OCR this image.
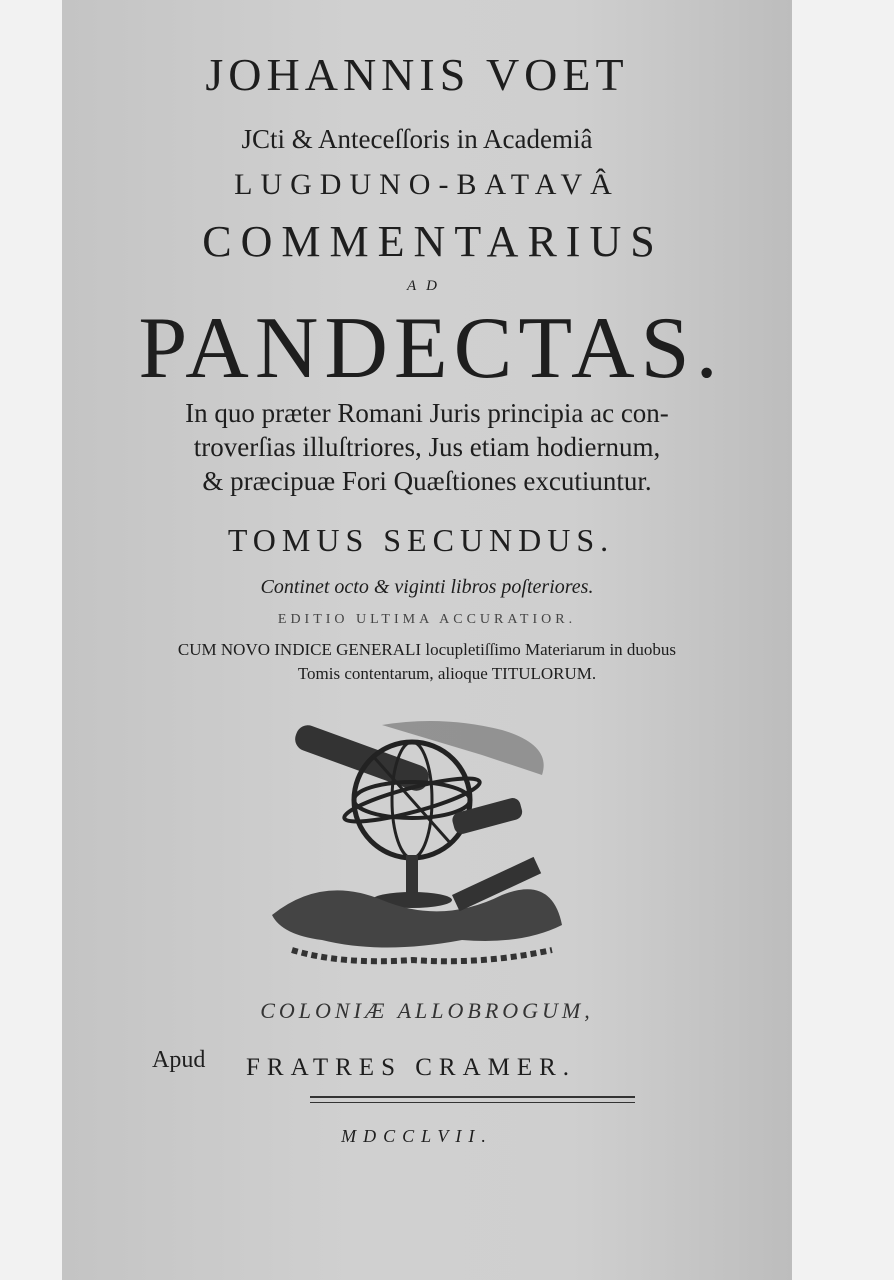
JOHANNIS VOET
JCti & Anteceſſoris in Academiâ
LUGDUNO-BATAVÂ
COMMENTARIUS
AD
PANDECTAS.
In quo præter Romani Juris principia ac con-
troverſias illuſtriores, Jus etiam hodiernum,
& præcipuæ Fori Quæſtiones excutiuntur.
TOMUS SECUNDUS.
Continet octo & viginti libros poſteriores.
EDITIO ULTIMA ACCURATIOR.
CUM NOVO INDICE GENERALI locupletiſſimo Materiarum in duobus
Tomis contentarum, alioque TITULORUM.
COLONIÆ ALLOBROGUM,
Apud FRATRES CRAMER.
MDCCLVII.
